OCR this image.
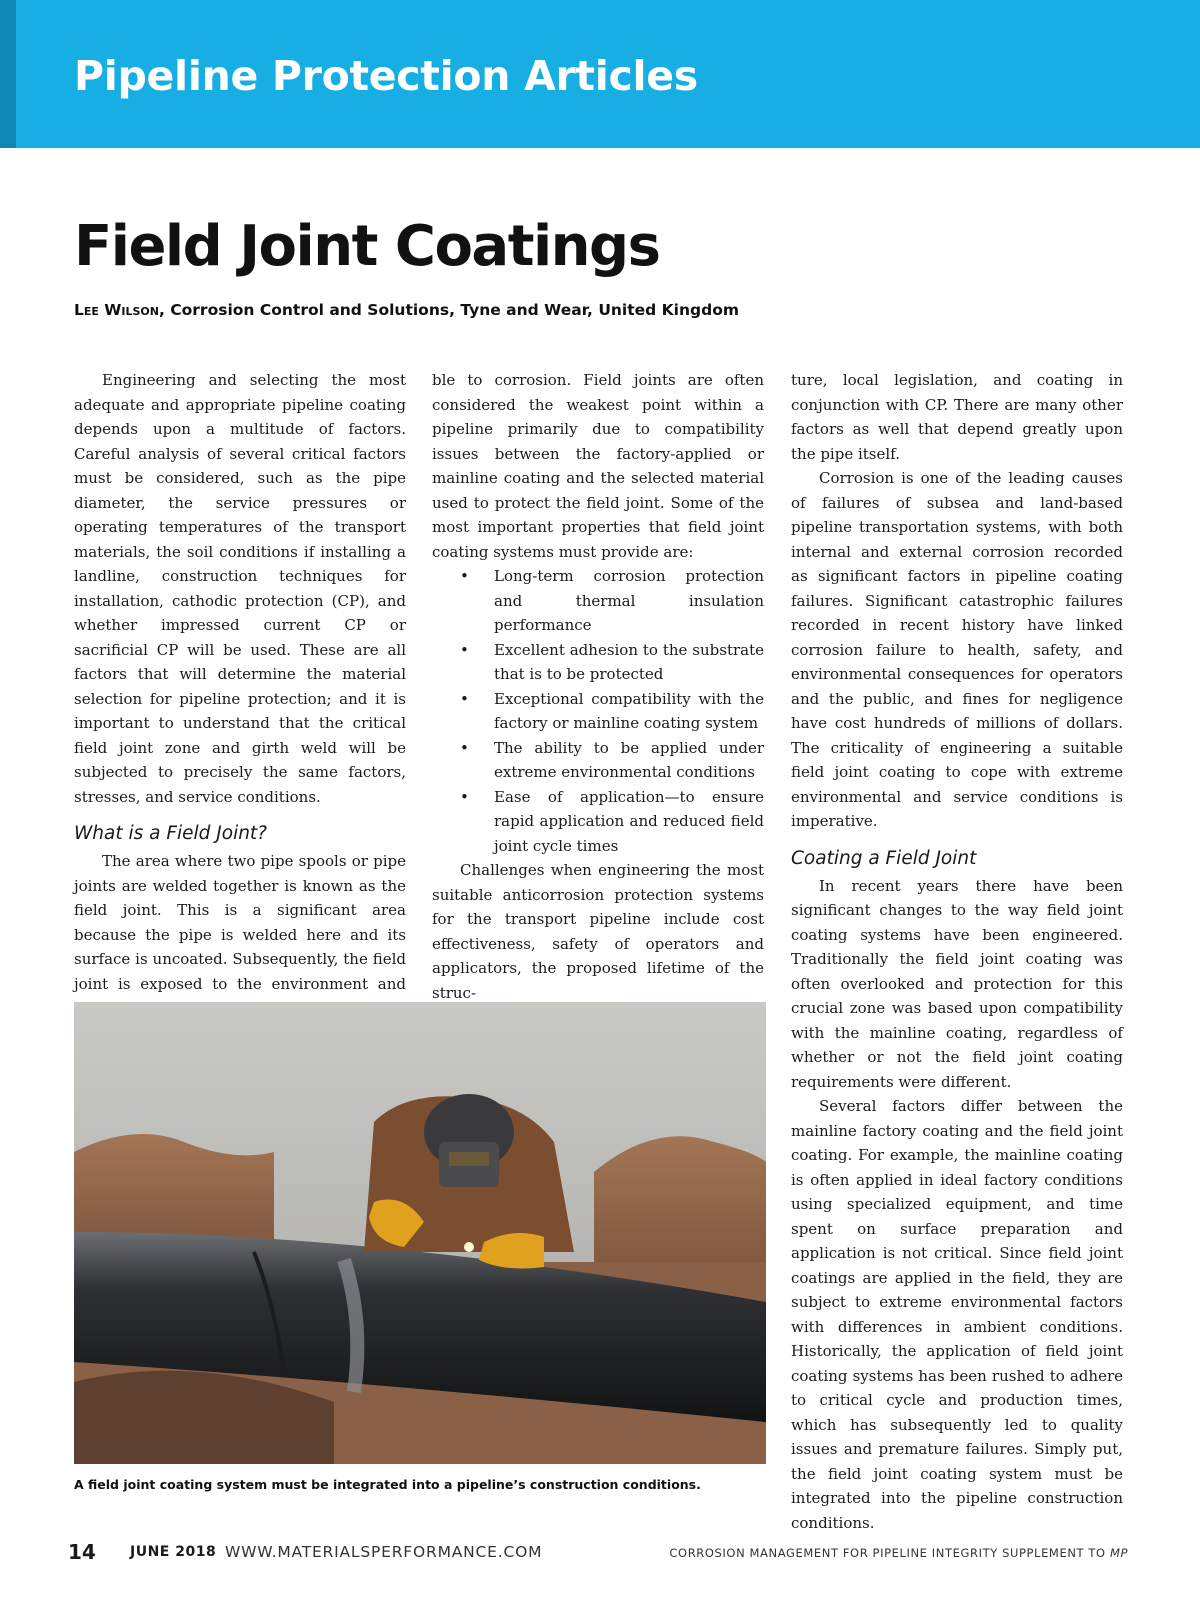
Pipeline Protection Articles
Field Joint Coatings

Lee Wilson, Corrosion Control and Solutions, Tyne and Wear, United Kingdom

Engineering and selecting the most adequate and appropriate pipeline coating depends upon a multitude of factors. Careful analysis of several critical factors must be considered, such as the pipe diameter, the service pressures or operating temperatures of the transport materials, the soil conditions if installing a landline, construction techniques for installation, cathodic protection (CP), and whether impressed current CP or sacrificial CP will be used. These are all factors that will determine the material selection for pipeline protection; and it is important to understand that the critical field joint zone and girth weld will be subjected to precisely the same factors, stresses, and service conditions.

What is a Field Joint?

The area where two pipe spools or pipe joints are welded together is known as the field joint. This is a significant area because the pipe is welded here and its surface is uncoated. Subsequently, the field joint is exposed to the environment and

ble to corrosion. Field joints are often considered the weakest point within a pipeline primarily due to compatibility issues between the factory-applied or mainline coating and the selected material used to protect the field joint. Some of the most important properties that field joint coating systems must provide are:

• Long-term corrosion protection and thermal insulation performance
• Excellent adhesion to the substrate that is to be protected
• Exceptional compatibility with the factory or mainline coating system
• The ability to be applied under extreme environmental conditions
• Ease of application—to ensure rapid application and reduced field joint cycle times

Challenges when engineering the most suitable anticorrosion protection systems for the transport pipeline include cost effectiveness, safety of operators and applicators, the proposed lifetime of the struc-

ture, local legislation, and coating in conjunction with CP. There are many other factors as well that depend greatly upon the pipe itself.

Corrosion is one of the leading causes of failures of subsea and land-based pipeline transportation systems, with both internal and external corrosion recorded as significant factors in pipeline coating failures. Significant catastrophic failures recorded in recent history have linked corrosion failure to health, safety, and environmental consequences for operators and the public, and fines for negligence have cost hundreds of millions of dollars. The criticality of engineering a suitable field joint coating to cope with extreme environmental and service conditions is imperative.

Coating a Field Joint

In recent years there have been significant changes to the way field joint coating systems have been engineered. Traditionally the field joint coating was often overlooked and protection for this crucial zone was based upon compatibility with the mainline coating, regardless of whether or not the field joint coating requirements were different.

Several factors differ between the mainline factory coating and the field joint coating. For example, the mainline coating is often applied in ideal factory conditions using specialized equipment, and time spent on surface preparation and application is not critical. Since field joint coatings are applied in the field, they are subject to extreme environmental factors with differences in ambient conditions. Historically, the application of field joint coating systems has been rushed to adhere to critical cycle and production times, which has subsequently led to quality issues and premature failures. Simply put, the field joint coating system must be integrated into the pipeline construction conditions.

A field joint coating system must be integrated into a pipeline’s construction conditions.

14 JUNE 2018 WWW.MATERIALSPERFORMANCE.COM	CORROSION MANAGEMENT FOR PIPELINE INTEGRITY SUPPLEMENT TO MP
